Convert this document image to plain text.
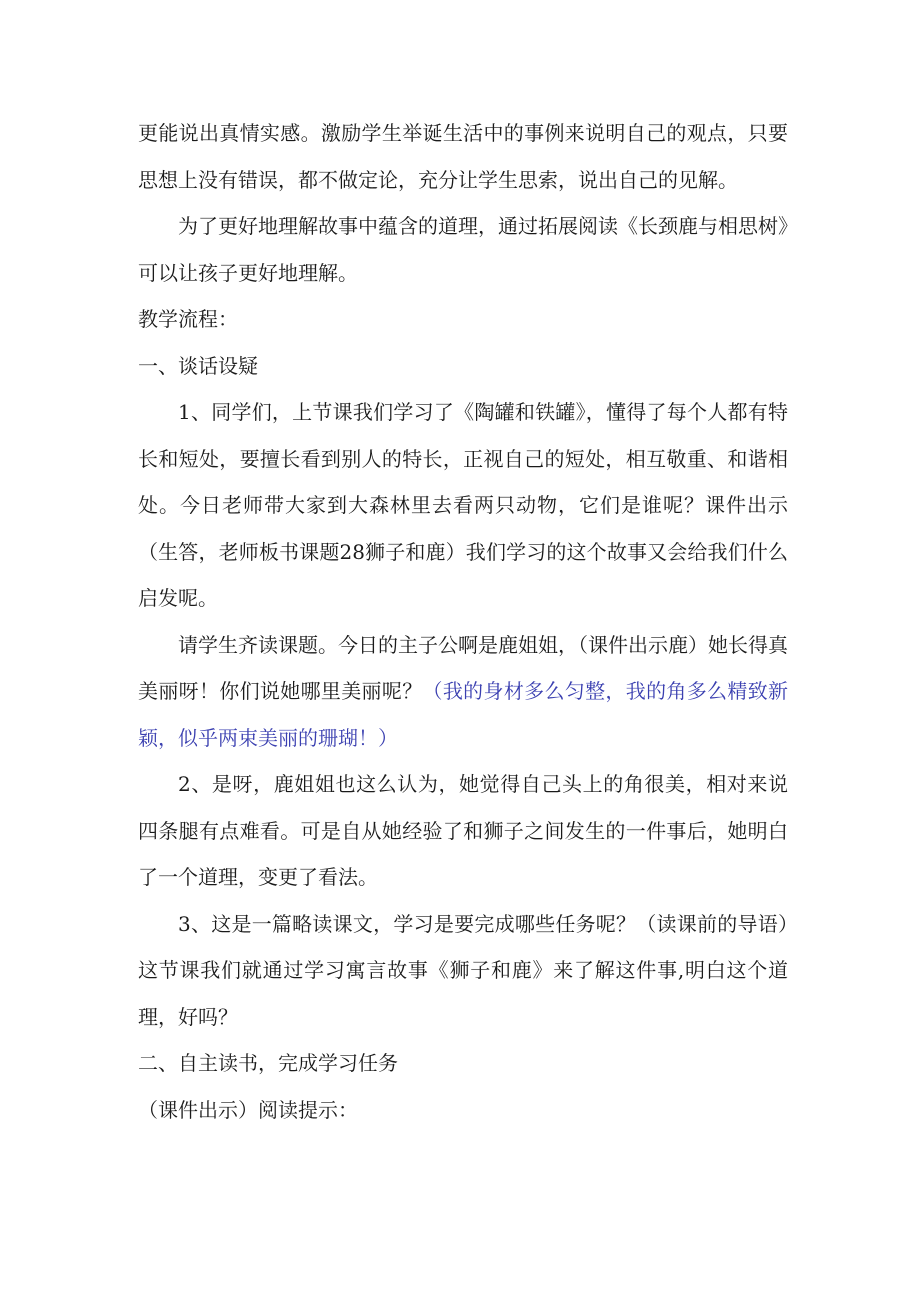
更能说出真情实感。激励学生举诞生活中的事例来说明自己的观点，只要思想上没有错误，都不做定论，充分让学生思索，说出自己的见解。

为了更好地理解故事中蕴含的道理，通过拓展阅读《长颈鹿与相思树》可以让孩子更好地理解。

教学流程：

一、谈话设疑

1、同学们，上节课我们学习了《陶罐和铁罐》，懂得了每个人都有特长和短处，要擅长看到别人的特长，正视自己的短处，相互敬重、和谐相处。今日老师带大家到大森林里去看两只动物，它们是谁呢？课件出示（生答，老师板书课题28狮子和鹿）我们学习的这个故事又会给我们什么启发呢。

请学生齐读课题。今日的主子公啊是鹿姐姐，（课件出示鹿）她长得真美丽呀！你们说她哪里美丽呢？（我的身材多么匀整，我的角多么精致新颖，似乎两束美丽的珊瑚！）

2、是呀，鹿姐姐也这么认为，她觉得自己头上的角很美，相对来说四条腿有点难看。可是自从她经验了和狮子之间发生的一件事后，她明白了一个道理，变更了看法。

3、这是一篇略读课文，学习是要完成哪些任务呢？（读课前的导语）这节课我们就通过学习寓言故事《狮子和鹿》来了解这件事,明白这个道理，好吗？

二、自主读书，完成学习任务

（课件出示）阅读提示：
